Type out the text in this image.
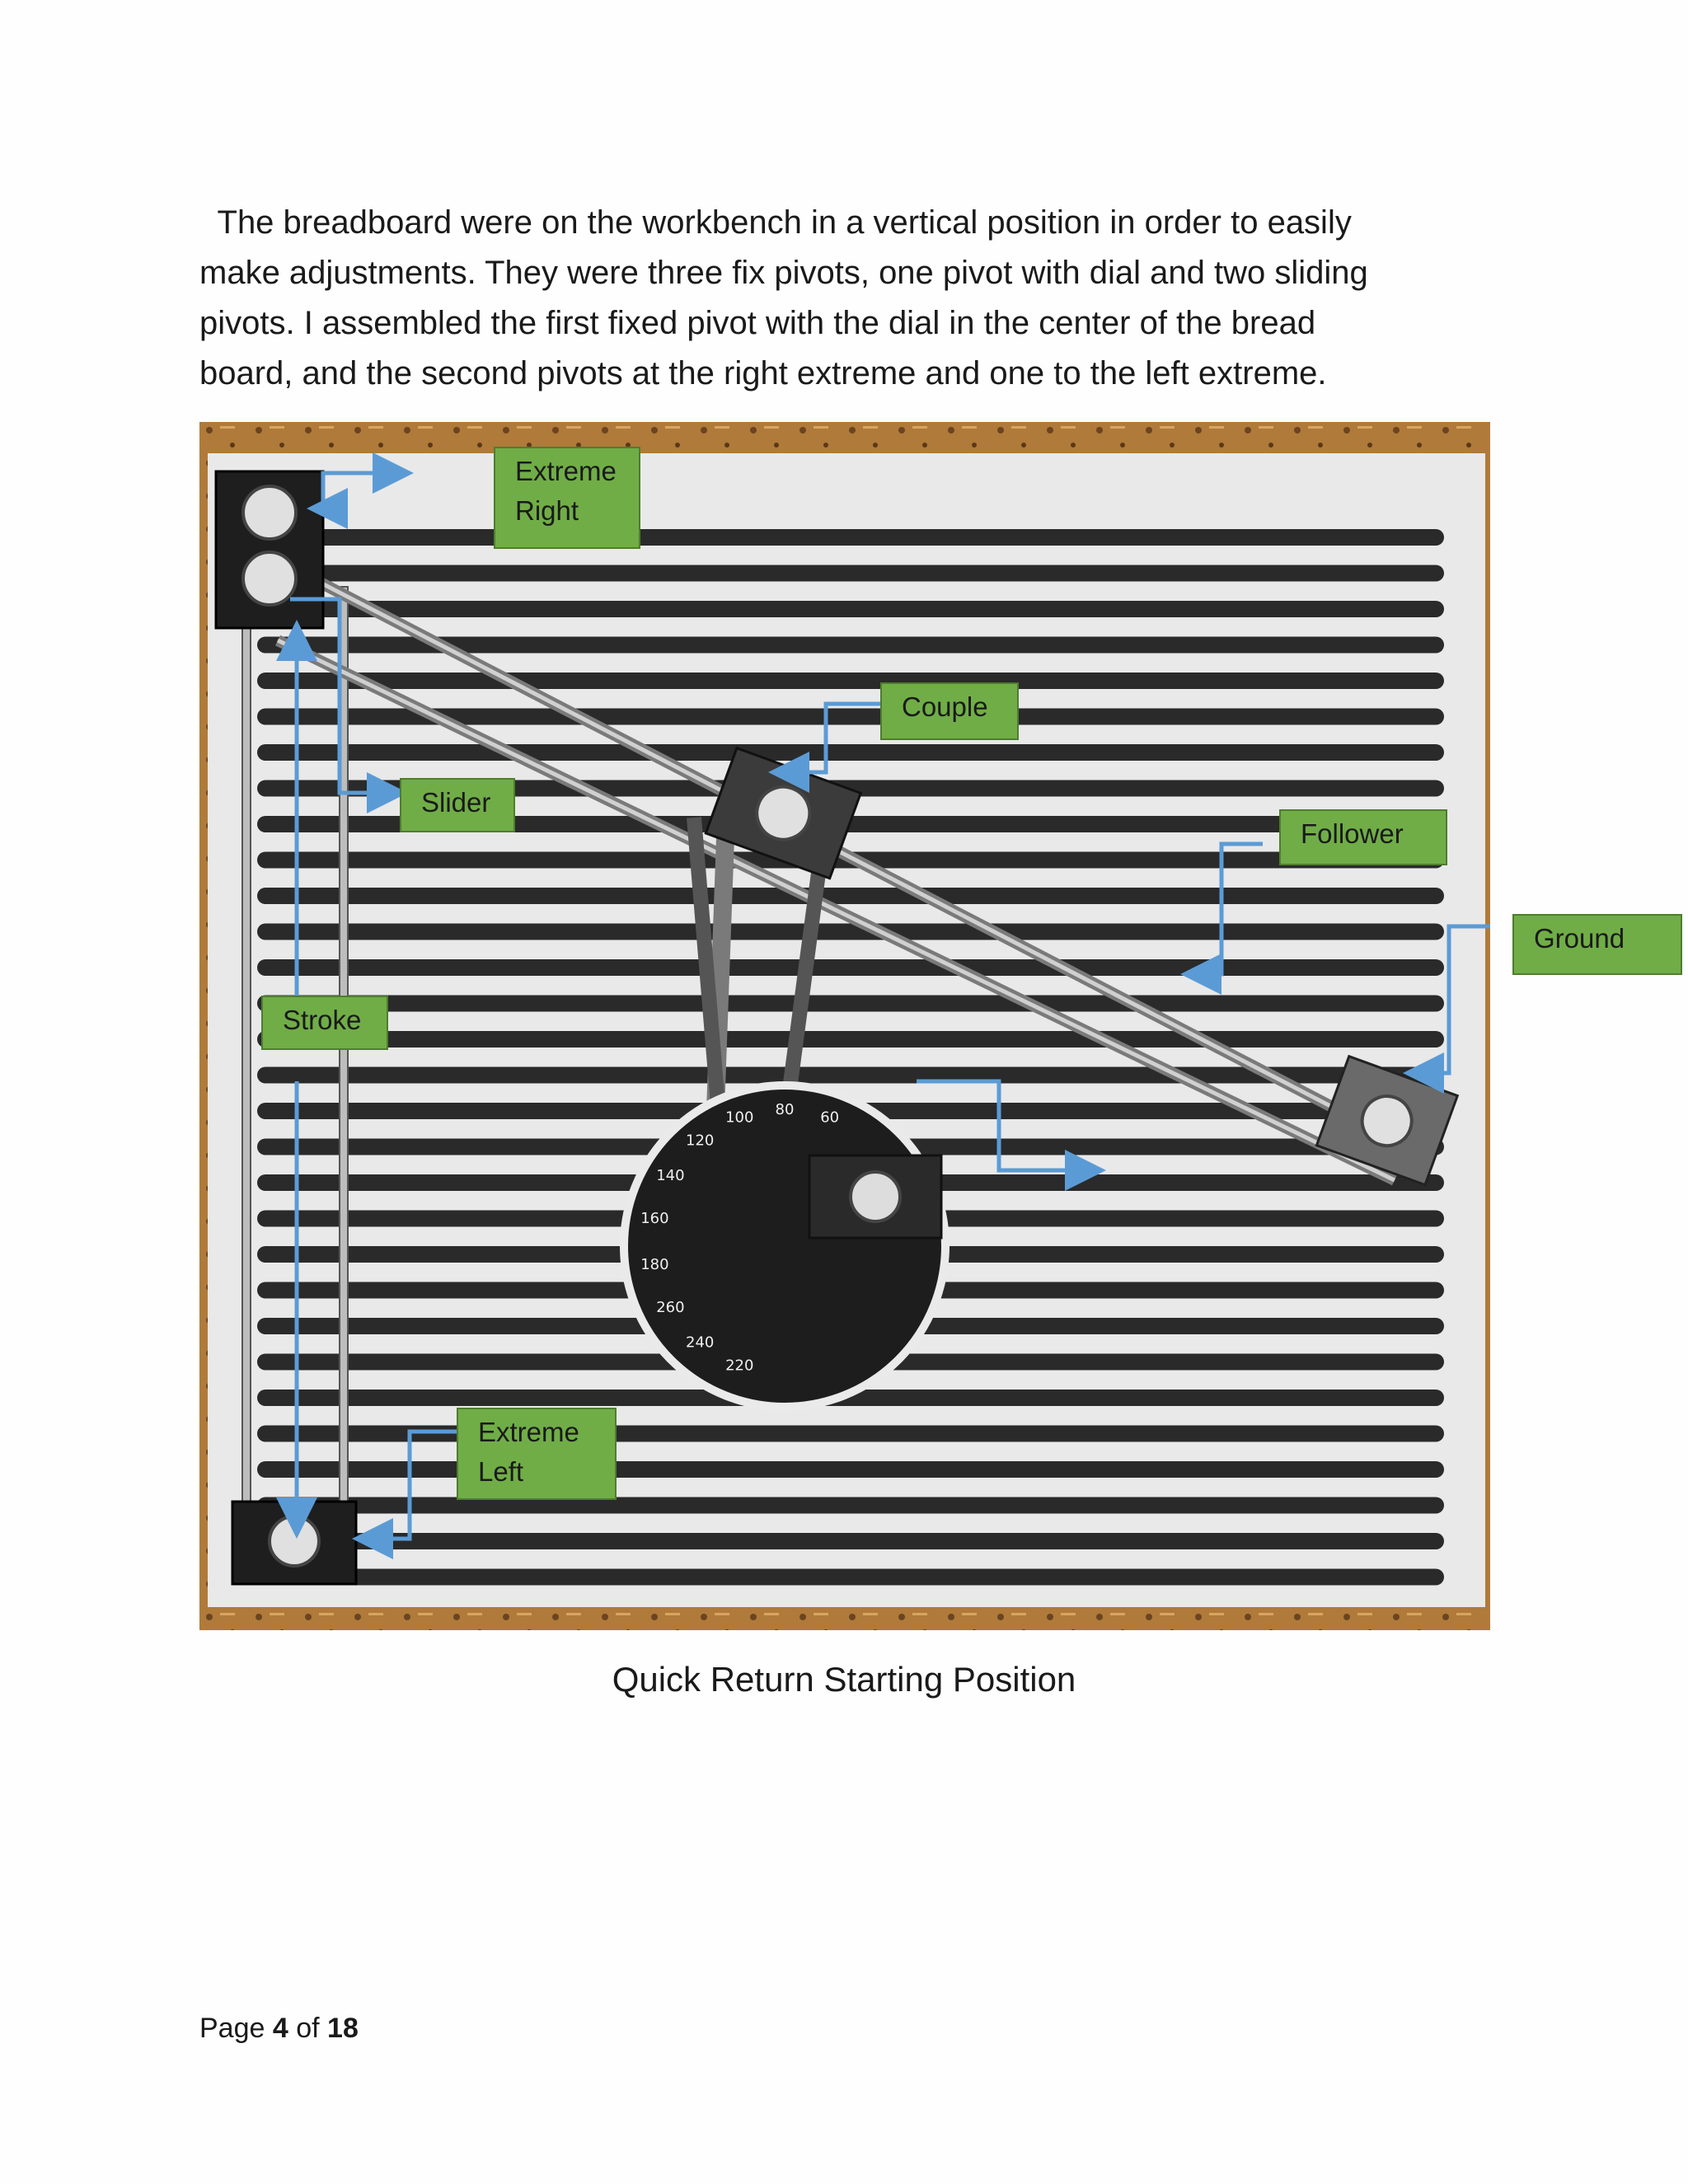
The breadboard were on the workbench in a vertical position in order to easily
make adjustments. They were three fix pivots, one pivot with dial and two sliding
pivots. I assembled the first fixed pivot with the dial in the center of the bread
board, and the second pivots at the right extreme and one to the left extreme.

220
240
260
180
160
140
120
100 80 60
Extreme
Right
Couple
Slider
Follower
Ground
Stroke
Extreme
Left

Quick Return Starting Position

Page 4 of 18
